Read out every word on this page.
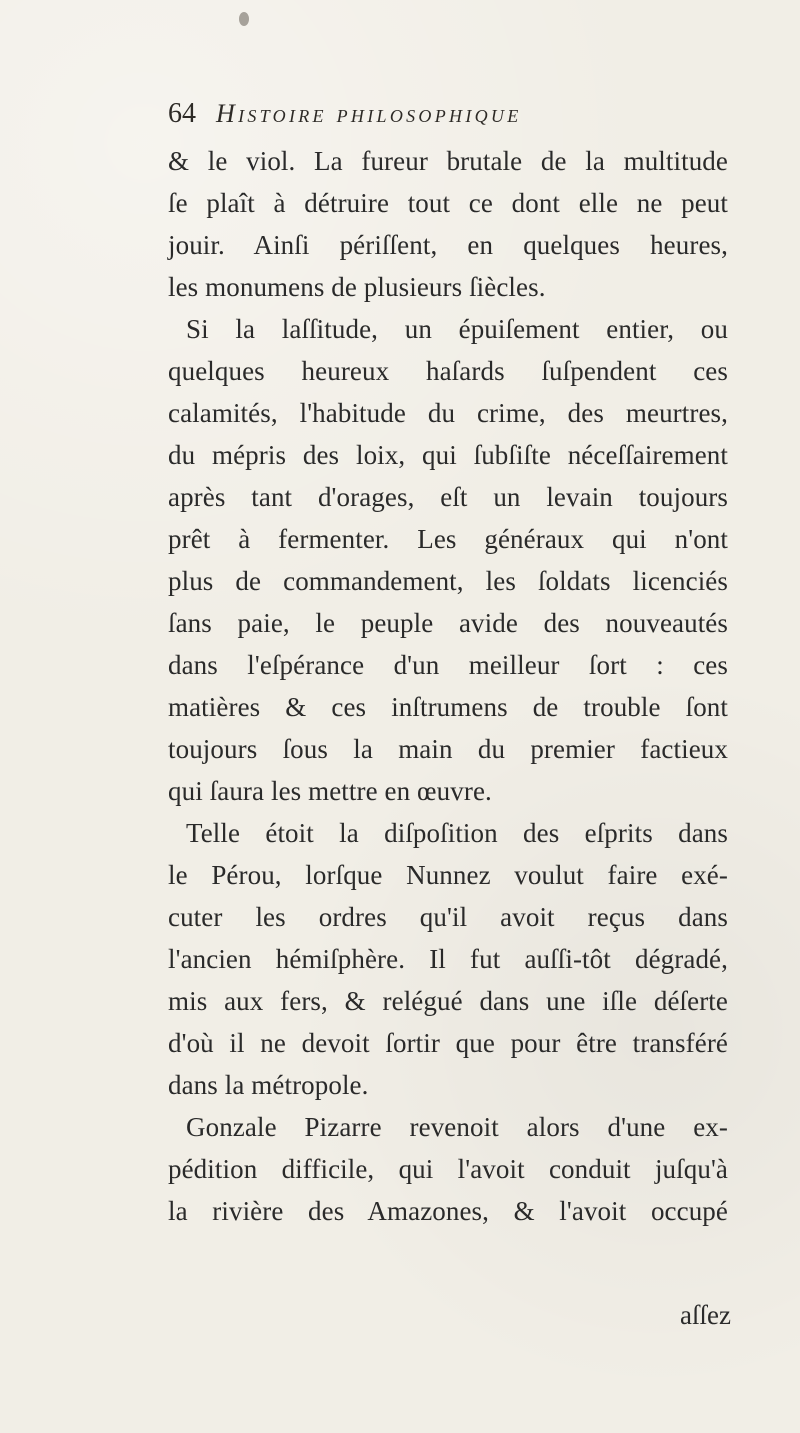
64 Histoire philosophique
& le viol. La fureur brutale de la multitude
ſe plaît à détruire tout ce dont elle ne peut
jouir. Ainſi périſſent, en quelques heures,
les monumens de plusieurs ſiècles.
Si la laſſitude, un épuiſement entier, ou
quelques heureux haſards ſuſpendent ces
calamités, l'habitude du crime, des meurtres,
du mépris des loix, qui ſubſiſte néceſſairement
après tant d'orages, eſt un levain toujours
prêt à fermenter. Les généraux qui n'ont
plus de commandement, les ſoldats licenciés
ſans paie, le peuple avide des nouveautés
dans l'eſpérance d'un meilleur ſort : ces
matières & ces inſtrumens de trouble ſont
toujours ſous la main du premier factieux
qui ſaura les mettre en œuvre.
Telle étoit la diſpoſition des eſprits dans
le Pérou, lorſque Nunnez voulut faire exé-
cuter les ordres qu'il avoit reçus dans
l'ancien hémiſphère. Il fut auſſi-tôt dégradé,
mis aux fers, & relégué dans une iſle déſerte
d'où il ne devoit ſortir que pour être transféré
dans la métropole.
Gonzale Pizarre revenoit alors d'une ex-
pédition difficile, qui l'avoit conduit juſqu'à
la rivière des Amazones, & l'avoit occupé
aſſez
